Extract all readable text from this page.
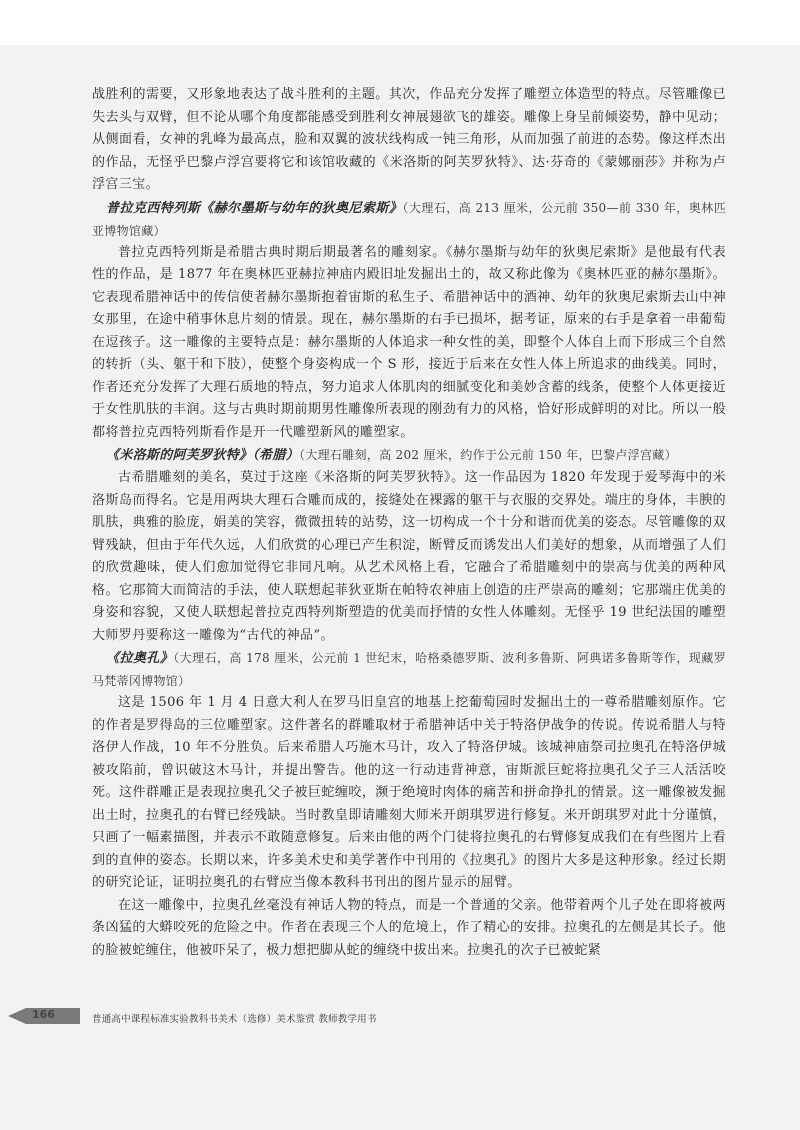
战胜利的需要，又形象地表达了战斗胜利的主题。其次，作品充分发挥了雕塑立体造型的特点。尽管雕像已失去头与双臂，但不论从哪个角度都能感受到胜利女神展翅欲飞的雄姿。雕像上身呈前倾姿势，静中见动；从侧面看，女神的乳峰为最高点，脸和双翼的波状线构成一钝三角形，从而加强了前进的态势。像这样杰出的作品，无怪乎巴黎卢浮宫要将它和该馆收藏的《米洛斯的阿芙罗狄特》、达·芬奇的《蒙娜丽莎》并称为卢浮宫三宝。

普拉克西特列斯《赫尔墨斯与幼年的狄奥尼索斯》（大理石，高 213 厘米，公元前 350—前 330 年，奥林匹亚博物馆藏）

普拉克西特列斯是希腊古典时期后期最著名的雕刻家。《赫尔墨斯与幼年的狄奥尼索斯》是他最有代表性的作品，是 1877 年在奥林匹亚赫拉神庙内殿旧址发掘出土的，故又称此像为《奥林匹亚的赫尔墨斯》。它表现希腊神话中的传信使者赫尔墨斯抱着宙斯的私生子、希腊神话中的酒神、幼年的狄奥尼索斯去山中神女那里，在途中稍事休息片刻的情景。现在，赫尔墨斯的右手已损坏，据考证，原来的右手是拿着一串葡萄在逗孩子。这一雕像的主要特点是：赫尔墨斯的人体追求一种女性的美，即整个人体自上而下形成三个自然的转折（头、躯干和下肢），使整个身姿构成一个 S 形，接近于后来在女性人体上所追求的曲线美。同时，作者还充分发挥了大理石质地的特点，努力追求人体肌肉的细腻变化和美妙含蓄的线条，使整个人体更接近于女性肌肤的丰润。这与古典时期前期男性雕像所表现的刚劲有力的风格，恰好形成鲜明的对比。所以一般都将普拉克西特列斯看作是开一代雕塑新风的雕塑家。

《米洛斯的阿芙罗狄特》（希腊）（大理石雕刻，高 202 厘米，约作于公元前 150 年，巴黎卢浮宫藏）

古希腊雕刻的美名，莫过于这座《米洛斯的阿芙罗狄特》。这一作品因为 1820 年发现于爱琴海中的米洛斯岛而得名。它是用两块大理石合雕而成的，接缝处在裸露的躯干与衣服的交界处。端庄的身体，丰腴的肌肤，典雅的脸庞，娟美的笑容，微微扭转的站势，这一切构成一个十分和谐而优美的姿态。尽管雕像的双臂残缺，但由于年代久远，人们欣赏的心理已产生积淀，断臂反而诱发出人们美好的想象，从而增强了人们的欣赏趣味，使人们愈加觉得它非同凡响。从艺术风格上看，它融合了希腊雕刻中的崇高与优美的两种风格。它那简大而简洁的手法，使人联想起菲狄亚斯在帕特农神庙上创造的庄严崇高的雕刻；它那端庄优美的身姿和容貌，又使人联想起普拉克西特列斯塑造的优美而抒情的女性人体雕刻。无怪乎 19 世纪法国的雕塑大师罗丹要称这一雕像为“古代的神品”。

《拉奥孔》（大理石，高 178 厘米，公元前 1 世纪末，哈格桑德罗斯、波利多鲁斯、阿典诺多鲁斯等作，现藏罗马梵蒂冈博物馆）

这是 1506 年 1 月 4 日意大利人在罗马旧皇宫的地基上挖葡萄园时发掘出土的一尊希腊雕刻原作。它的作者是罗得岛的三位雕塑家。这件著名的群雕取材于希腊神话中关于特洛伊战争的传说。传说希腊人与特洛伊人作战，10 年不分胜负。后来希腊人巧施木马计，攻入了特洛伊城。该城神庙祭司拉奥孔在特洛伊城被攻陷前，曾识破这木马计，并提出警告。他的这一行动违背神意，宙斯派巨蛇将拉奥孔父子三人活活咬死。这件群雕正是表现拉奥孔父子被巨蛇缠咬，濒于绝境时肉体的痛苦和拼命挣扎的情景。这一雕像被发掘出土时，拉奥孔的右臂已经残缺。当时教皇即请雕刻大师米开朗琪罗进行修复。米开朗琪罗对此十分谨慎，只画了一幅素描图，并表示不敢随意修复。后来由他的两个门徒将拉奥孔的右臂修复成我们在有些图片上看到的直伸的姿态。长期以来，许多美术史和美学著作中刊用的《拉奥孔》的图片大多是这种形象。经过长期的研究论证，证明拉奥孔的右臂应当像本教科书刊出的图片显示的屈臂。

在这一雕像中，拉奥孔丝毫没有神话人物的特点，而是一个普通的父亲。他带着两个儿子处在即将被两条凶猛的大蟒咬死的危险之中。作者在表现三个人的危境上，作了精心的安排。拉奥孔的左侧是其长子。他的脸被蛇缠住，他被吓呆了，极力想把脚从蛇的缠绕中拔出来。拉奥孔的次子已被蛇紧

166	普通高中课程标准实验教科书美术（选修）美术鉴赏 教师教学用书
